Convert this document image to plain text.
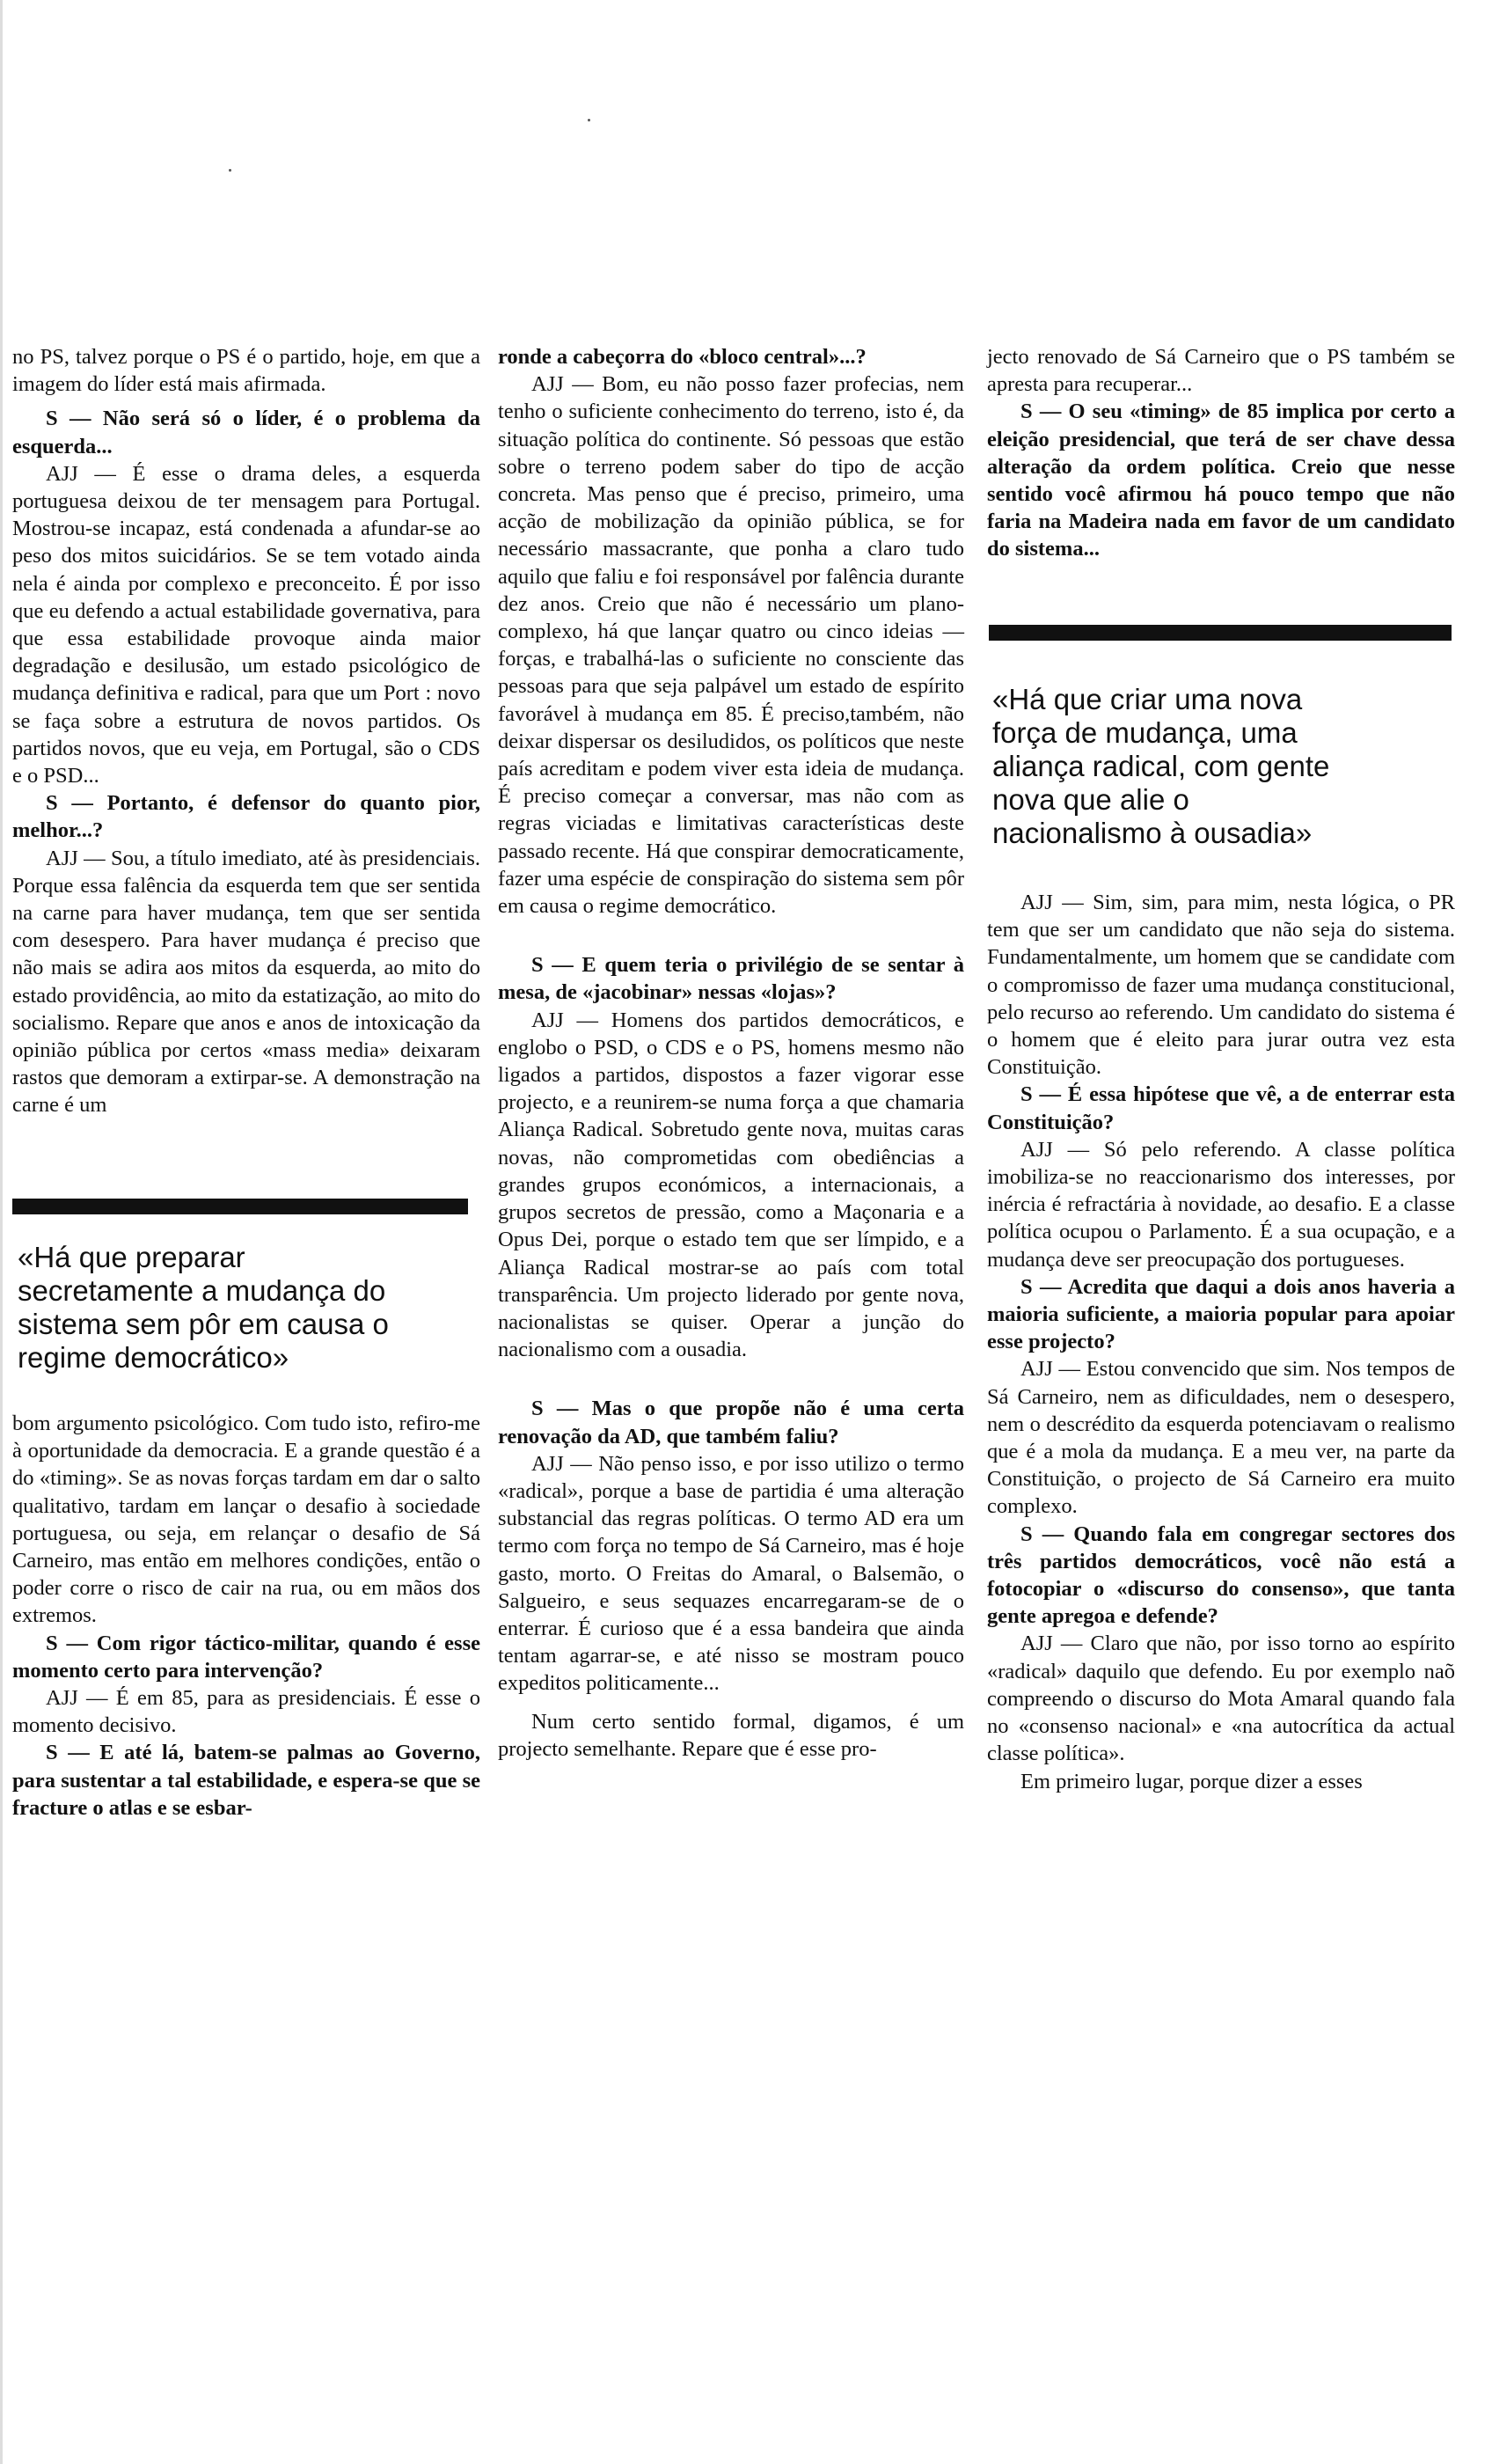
no PS, talvez porque o PS é o partido, hoje, em que a imagem do líder está mais afirmada.

S — Não será só o líder, é o problema da esquerda...

AJJ — É esse o drama deles, a esquerda portuguesa deixou de ter mensagem para Portugal. Mostrou-se incapaz, está condenada a afundar-se ao peso dos mitos suicidários. Se se tem votado ainda nela é ainda por complexo e preconceito. É por isso que eu defendo a actual estabilidade governativa, para que essa estabilidade provoque ainda maior degradação e desilusão, um estado psicológico de mudança definitiva e radical, para que um Port : novo se faça sobre a estrutura de novos partidos. Os partidos novos, que eu veja, em Portugal, são o CDS e o PSD...

S — Portanto, é defensor do quanto pior, melhor...?

AJJ — Sou, a título imediato, até às presidenciais. Porque essa falência da esquerda tem que ser sentida na carne para haver mudança, tem que ser sentida com desespero. Para haver mudança é preciso que não mais se adira aos mitos da esquerda, ao mito do estado providência, ao mito da estatização, ao mito do socialismo. Repare que anos e anos de intoxicação da opinião pública por certos «mass media» deixaram rastos que demoram a extirpar-se. A demonstração na carne é um

«Há que preparar secretamente a mudança do sistema sem pôr em causa o regime democrático»

bom argumento psicológico. Com tudo isto, refiro-me à oportunidade da democracia. E a grande questão é a do «timing». Se as novas forças tardam em dar o salto qualitativo, tardam em lançar o desafio à sociedade portuguesa, ou seja, em relançar o desafio de Sá Carneiro, mas então em melhores condições, então o poder corre o risco de cair na rua, ou em mãos dos extremos.

S — Com rigor táctico-militar, quando é esse momento certo para intervenção?

AJJ — É em 85, para as presidenciais. É esse o momento decisivo.

S — E até lá, batem-se palmas ao Governo, para sustentar a tal estabilidade, e espera-se que se fracture o atlas e se esbar-

ronde a cabeçorra do «bloco central»...?

AJJ — Bom, eu não posso fazer profecias, nem tenho o suficiente conhecimento do terreno, isto é, da situação política do continente. Só pessoas que estão sobre o terreno podem saber do tipo de acção concreta. Mas penso que é preciso, primeiro, uma acção de mobilização da opinião pública, se for necessário massacrante, que ponha a claro tudo aquilo que faliu e foi responsável por falência durante dez anos. Creio que não é necessário um plano-complexo, há que lançar quatro ou cinco ideias — forças, e trabalhá-las o suficiente no consciente das pessoas para que seja palpável um estado de espírito favorável à mudança em 85. É preciso,também, não deixar dispersar os desiludidos, os políticos que neste país acreditam e podem viver esta ideia de mudança. É preciso começar a conversar, mas não com as regras viciadas e limitativas características deste passado recente. Há que conspirar democraticamente, fazer uma espécie de conspiração do sistema sem pôr em causa o regime democrático.

S — E quem teria o privilégio de se sentar à mesa, de «jacobinar» nessas «lojas»?

AJJ — Homens dos partidos democráticos, e englobo o PSD, o CDS e o PS, homens mesmo não ligados a partidos, dispostos a fazer vigorar esse projecto, e a reunirem-se numa força a que chamaria Aliança Radical. Sobretudo gente nova, muitas caras novas, não comprometidas com obediências a grandes grupos económicos, a internacionais, a grupos secretos de pressão, como a Maçonaria e a Opus Dei, porque o estado tem que ser límpido, e a Aliança Radical mostrar-se ao país com total transparência. Um projecto liderado por gente nova, nacionalistas se quiser. Operar a junção do nacionalismo com a ousadia.

S — Mas o que propõe não é uma certa renovação da AD, que também faliu?

AJJ — Não penso isso, e por isso utilizo o termo «radical», porque a base de partidia é uma alteração substancial das regras políticas. O termo AD era um termo com força no tempo de Sá Carneiro, mas é hoje gasto, morto. O Freitas do Amaral, o Balsemão, o Salgueiro, e seus sequazes encarregaram-se de o enterrar. É curioso que é a essa bandeira que ainda tentam agarrar-se, e até nisso se mostram pouco expeditos politicamente...

Num certo sentido formal, digamos, é um projecto semelhante. Repare que é esse pro-

jecto renovado de Sá Carneiro que o PS também se apresta para recuperar...

S — O seu «timing» de 85 implica por certo a eleição presidencial, que terá de ser chave dessa alteração da ordem política. Creio que nesse sentido você afirmou há pouco tempo que não faria na Madeira nada em favor de um candidato do sistema...

«Há que criar uma nova força de mudança, uma aliança radical, com gente nova que alie o nacionalismo à ousadia»

AJJ — Sim, sim, para mim, nesta lógica, o PR tem que ser um candidato que não seja do sistema. Fundamentalmente, um homem que se candidate com o compromisso de fazer uma mudança constitucional, pelo recurso ao referendo. Um candidato do sistema é o homem que é eleito para jurar outra vez esta Constituição.

S — É essa hipótese que vê, a de enterrar esta Constituição?

AJJ — Só pelo referendo. A classe política imobiliza-se no reaccionarismo dos interesses, por inércia é refractária à novidade, ao desafio. E a classe política ocupou o Parlamento. É a sua ocupação, e a mudança deve ser preocupação dos portugueses.

S — Acredita que daqui a dois anos haveria a maioria suficiente, a maioria popular para apoiar esse projecto?

AJJ — Estou convencido que sim. Nos tempos de Sá Carneiro, nem as dificuldades, nem o desespero, nem o descrédito da esquerda potenciavam o realismo que é a mola da mudança. E a meu ver, na parte da Constituição, o projecto de Sá Carneiro era muito complexo.

S — Quando fala em congregar sectores dos três partidos democráticos, você não está a fotocopiar o «discurso do consenso», que tanta gente apregoa e defende?

AJJ — Claro que não, por isso torno ao espírito «radical» daquilo que defendo. Eu por exemplo naõ compreendo o discurso do Mota Amaral quando fala no «consenso nacional» e «na autocrítica da actual classe política».

Em primeiro lugar, porque dizer a esses
